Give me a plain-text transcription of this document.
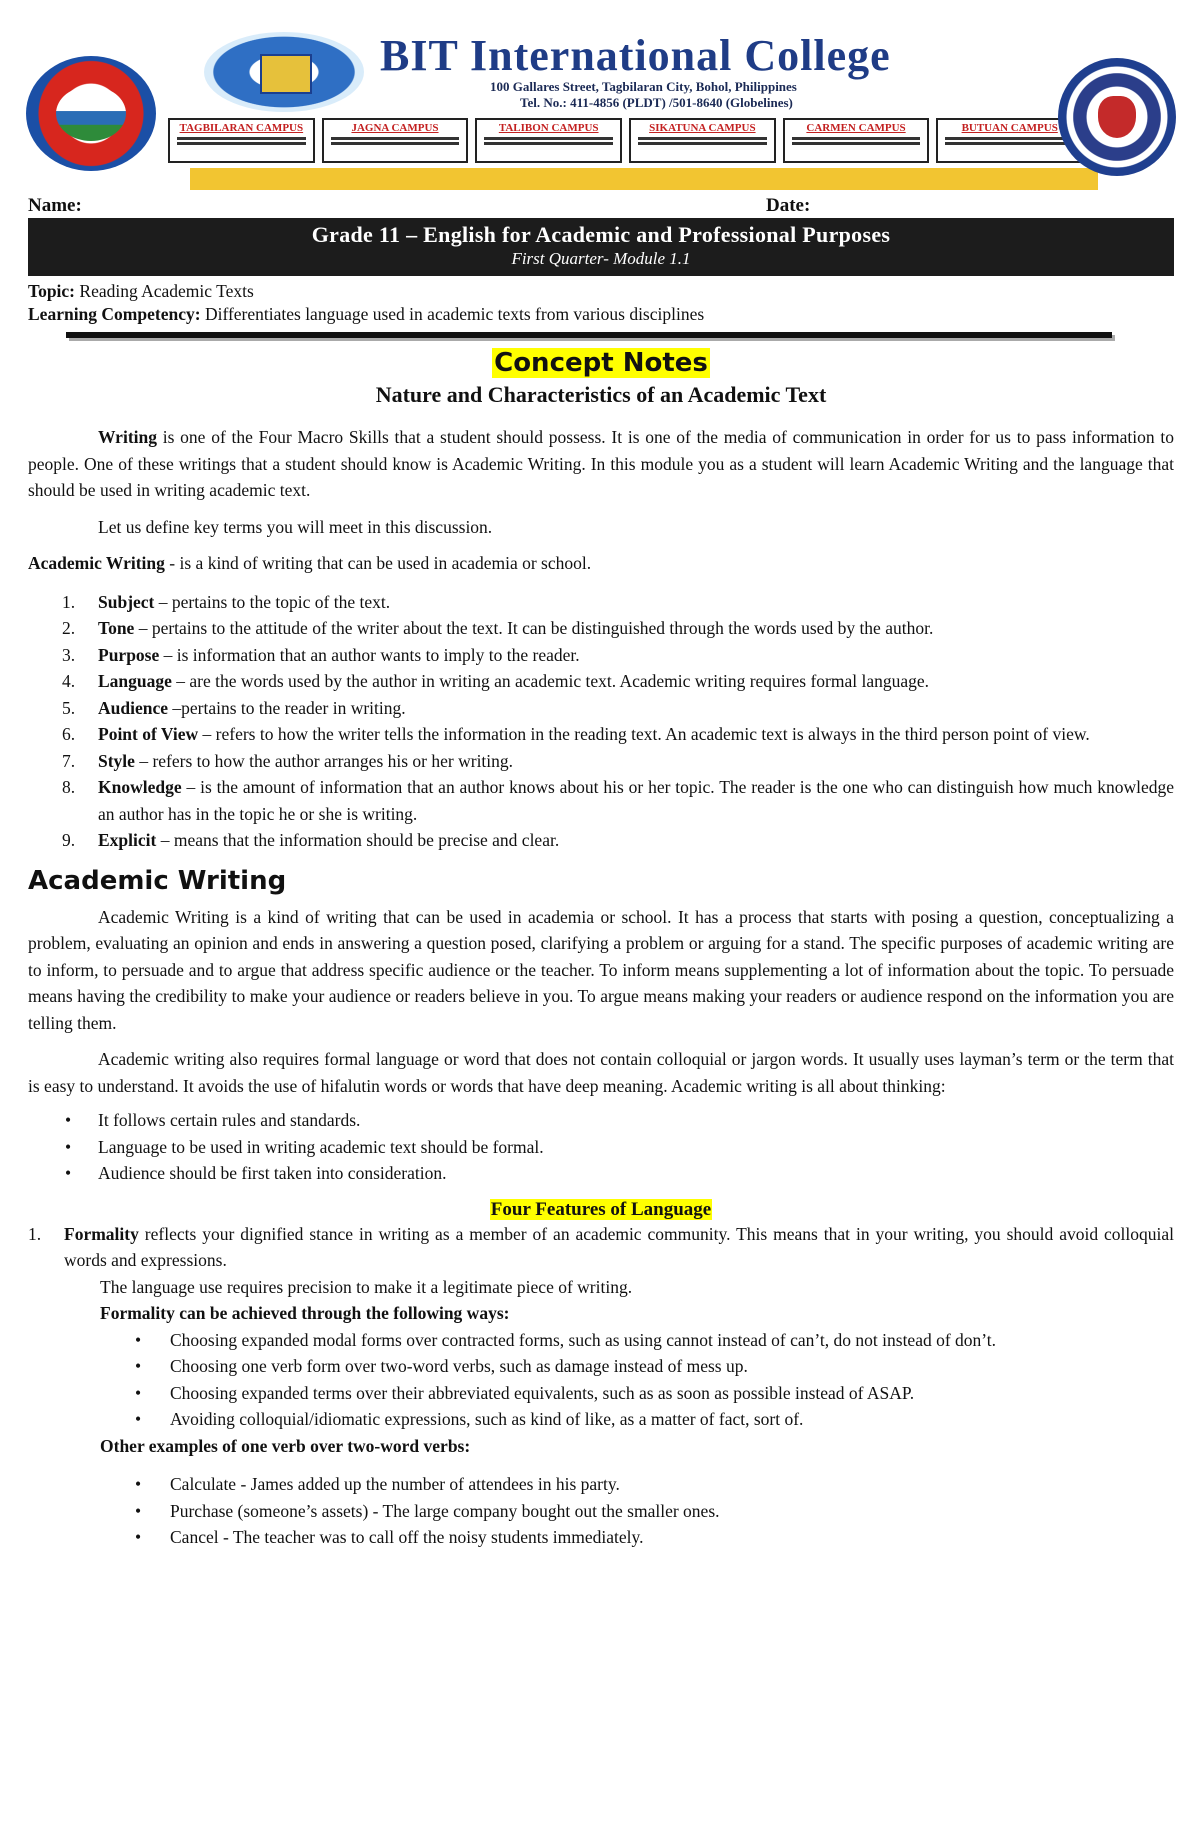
BIT International College
100 Gallares Street, Tagbilaran City, Bohol, Philippines
Tel. No.: 411-4856 (PLDT) /501-8640 (Globelines)
TAGBILARAN CAMPUS	JAGNA CAMPUS	TALIBON CAMPUS	SIKATUNA CAMPUS	CARMEN CAMPUS	BUTUAN CAMPUS
Name:	Date:
Grade 11 – English for Academic and Professional Purposes
First Quarter- Module 1.1
Topic: Reading Academic Texts
Learning Competency: Differentiates language used in academic texts from various disciplines
Concept Notes
Nature and Characteristics of an Academic Text

Writing is one of the Four Macro Skills that a student should possess. It is one of the media of communication in order for us to pass information to people. One of these writings that a student should know is Academic Writing. In this module you as a student will learn Academic Writing and the language that should be used in writing academic text.

Let us define key terms you will meet in this discussion.

Academic Writing - is a kind of writing that can be used in academia or school.

1. Subject – pertains to the topic of the text.
2. Tone – pertains to the attitude of the writer about the text. It can be distinguished through the words used by the author.
3. Purpose – is information that an author wants to imply to the reader.
4. Language – are the words used by the author in writing an academic text. Academic writing requires formal language.
5. Audience –pertains to the reader in writing.
6. Point of View – refers to how the writer tells the information in the reading text. An academic text is always in the third person point of view.
7. Style – refers to how the author arranges his or her writing.
8. Knowledge – is the amount of information that an author knows about his or her topic. The reader is the one who can distinguish how much knowledge an author has in the topic he or she is writing.
9. Explicit – means that the information should be precise and clear.
Academic Writing

Academic Writing is a kind of writing that can be used in academia or school. It has a process that starts with posing a question, conceptualizing a problem, evaluating an opinion and ends in answering a question posed, clarifying a problem or arguing for a stand. The specific purposes of academic writing are to inform, to persuade and to argue that address specific audience or the teacher. To inform means supplementing a lot of information about the topic. To persuade means having the credibility to make your audience or readers believe in you. To argue means making your readers or audience respond on the information you are telling them.

Academic writing also requires formal language or word that does not contain colloquial or jargon words. It usually uses layman’s term or the term that is easy to understand. It avoids the use of hifalutin words or words that have deep meaning. Academic writing is all about thinking:

• It follows certain rules and standards.
• Language to be used in writing academic text should be formal.
• Audience should be first taken into consideration.
Four Features of Language
1. Formality reflects your dignified stance in writing as a member of an academic community. This means that in your writing, you should avoid colloquial words and expressions.
The language use requires precision to make it a legitimate piece of writing.
Formality can be achieved through the following ways:
• Choosing expanded modal forms over contracted forms, such as using cannot instead of can’t, do not instead of don’t.
• Choosing one verb form over two-word verbs, such as damage instead of mess up.
• Choosing expanded terms over their abbreviated equivalents, such as as soon as possible instead of ASAP.
• Avoiding colloquial/idiomatic expressions, such as kind of like, as a matter of fact, sort of.
Other examples of one verb over two-word verbs:
• Calculate - James added up the number of attendees in his party.
• Purchase (someone’s assets) - The large company bought out the smaller ones.
• Cancel - The teacher was to call off the noisy students immediately.
